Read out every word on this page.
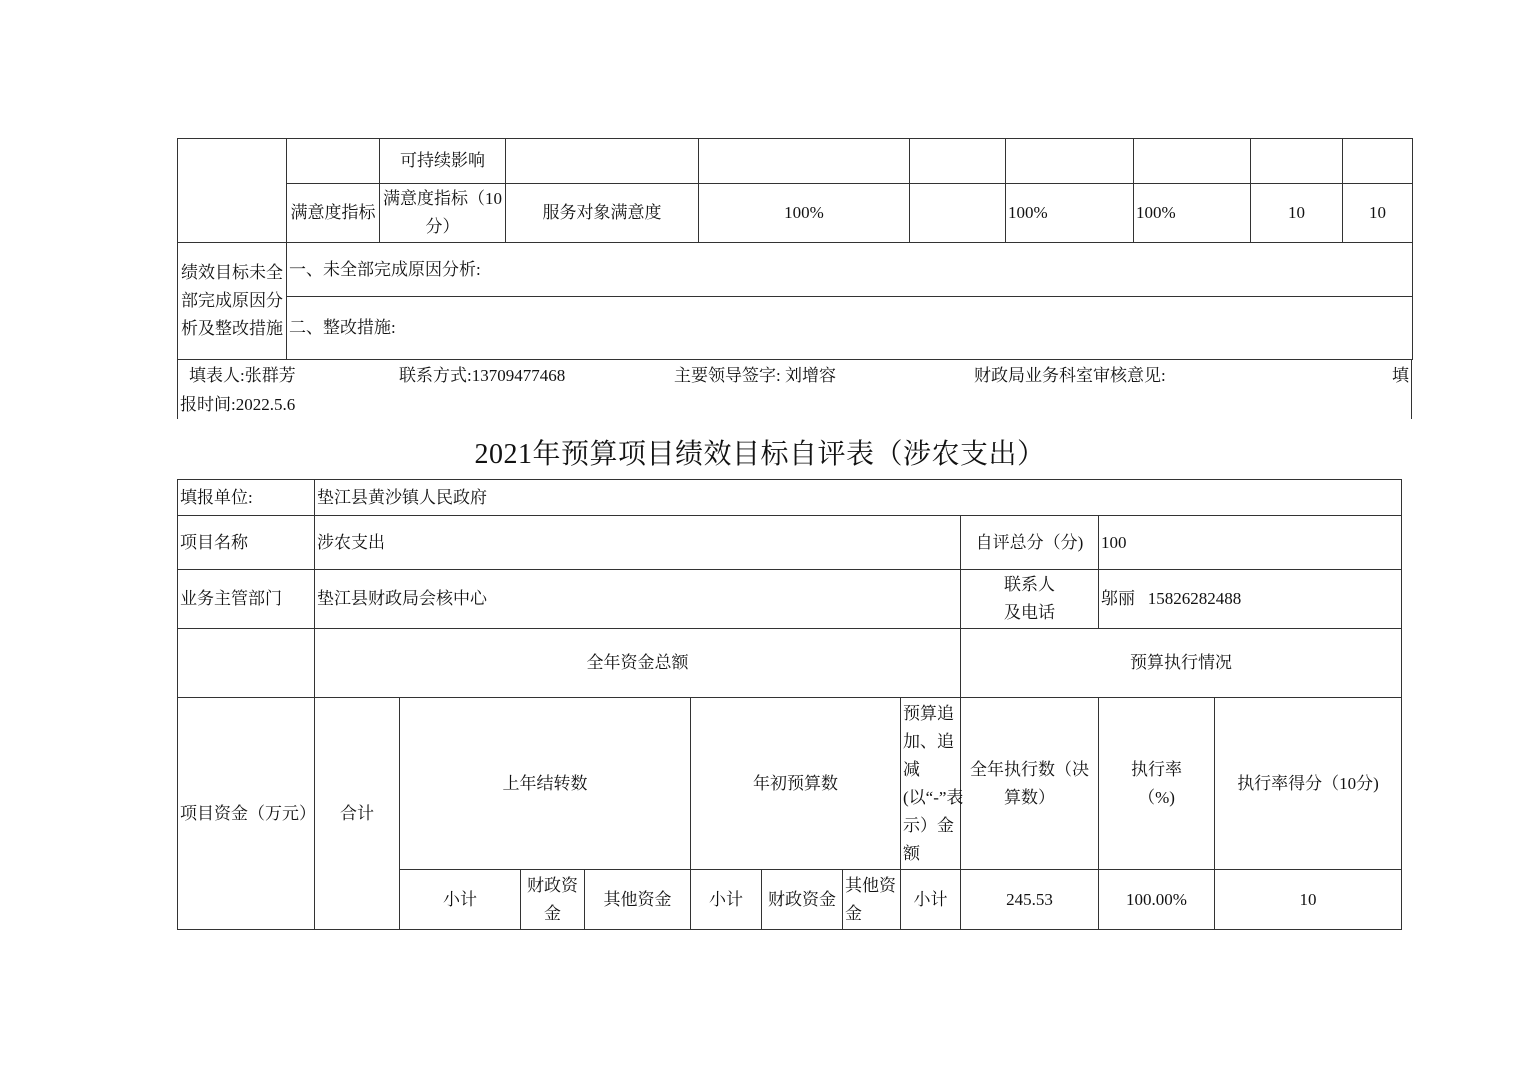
		可持续影响							
	满意度指标	满意度指标（10分）	服务对象满意度	100%		100%	100%	10	10
绩效目标未全部完成原因分析及整改措施	一、未全部完成原因分析:								
	二、整改措施:								
填表人:张群芳	联系方式:13709477468	主要领导签字: 刘增容	财政局业务科室审核意见:	填
报时间:2022.5.6
2021年预算项目绩效目标自评表（涉农支出）
填报单位:	垫江县黄沙镇人民政府										
项目名称	涉农支出								自评总分（分)	100	
业务主管部门	垫江县财政局会核中心								联系人及电话	邬丽   15826282488	
	全年资金总额								预算执行情况		
项目资金（万元）	合计	上年结转数			年初预算数			预算追加、追减(以“-”表示）金额	全年执行数（决算数）	执行率（%)	执行率得分（10分)
		小计	财政资金	其他资金	小计	财政资金	其他资金	小计	245.53	100.00%	10
